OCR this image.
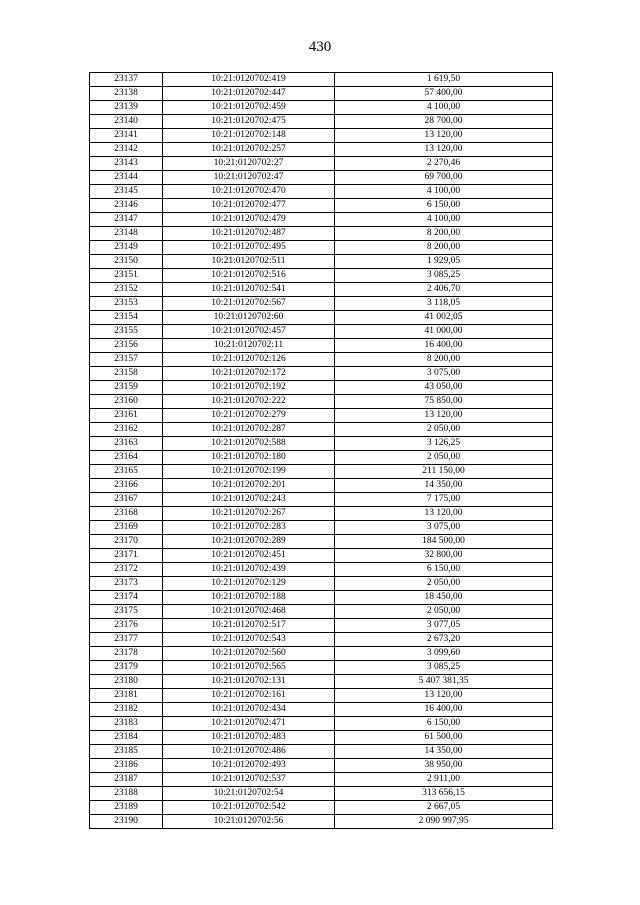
430
23137	10:21:0120702:419	1 619,50
23138	10:21:0120702:447	57 400,00
23139	10:21:0120702:459	4 100,00
23140	10:21:0120702:475	28 700,00
23141	10:21:0120702:148	13 120,00
23142	10:21:0120702:257	13 120,00
23143	10:21:0120702:27	2 270,46
23144	10:21:0120702:47	69 700,00
23145	10:21:0120702:470	4 100,00
23146	10:21:0120702:477	6 150,00
23147	10:21:0120702:479	4 100,00
23148	10:21:0120702:487	8 200,00
23149	10:21:0120702:495	8 200,00
23150	10:21:0120702:511	1 929,05
23151	10:21:0120702:516	3 085,25
23152	10:21:0120702:541	2 406,70
23153	10:21:0120702:567	3 118,05
23154	10:21:0120702:60	41 002,05
23155	10:21:0120702:457	41 000,00
23156	10:21:0120702:11	16 400,00
23157	10:21:0120702:126	8 200,00
23158	10:21:0120702:172	3 075,00
23159	10:21:0120702:192	43 050,00
23160	10:21:0120702:222	75 850,00
23161	10:21:0120702:279	13 120,00
23162	10:21:0120702:287	2 050,00
23163	10:21:0120702:588	3 126,25
23164	10:21:0120702:180	2 050,00
23165	10:21:0120702:199	211 150,00
23166	10:21:0120702:201	14 350,00
23167	10:21:0120702:243	7 175,00
23168	10:21:0120702:267	13 120,00
23169	10:21:0120702:283	3 075,00
23170	10:21:0120702:289	184 500,00
23171	10:21:0120702:451	32 800,00
23172	10:21:0120702:439	6 150,00
23173	10:21:0120702:129	2 050,00
23174	10:21:0120702:188	18 450,00
23175	10:21:0120702:468	2 050,00
23176	10:21:0120702:517	3 077,05
23177	10:21:0120702:543	2 673,20
23178	10:21:0120702:560	3 099,60
23179	10:21:0120702:565	3 085,25
23180	10:21:0120702:131	5 407 381,35
23181	10:21:0120702:161	13 120,00
23182	10:21:0120702:434	16 400,00
23183	10:21:0120702:471	6 150,00
23184	10:21:0120702:483	61 500,00
23185	10:21:0120702:486	14 350,00
23186	10:21:0120702:493	38 950,00
23187	10:21:0120702:537	2 911,00
23188	10:21:0120702:54	313 656,15
23189	10:21:0120702:542	2 667,05
23190	10:21:0120702:56	2 090 997,95
